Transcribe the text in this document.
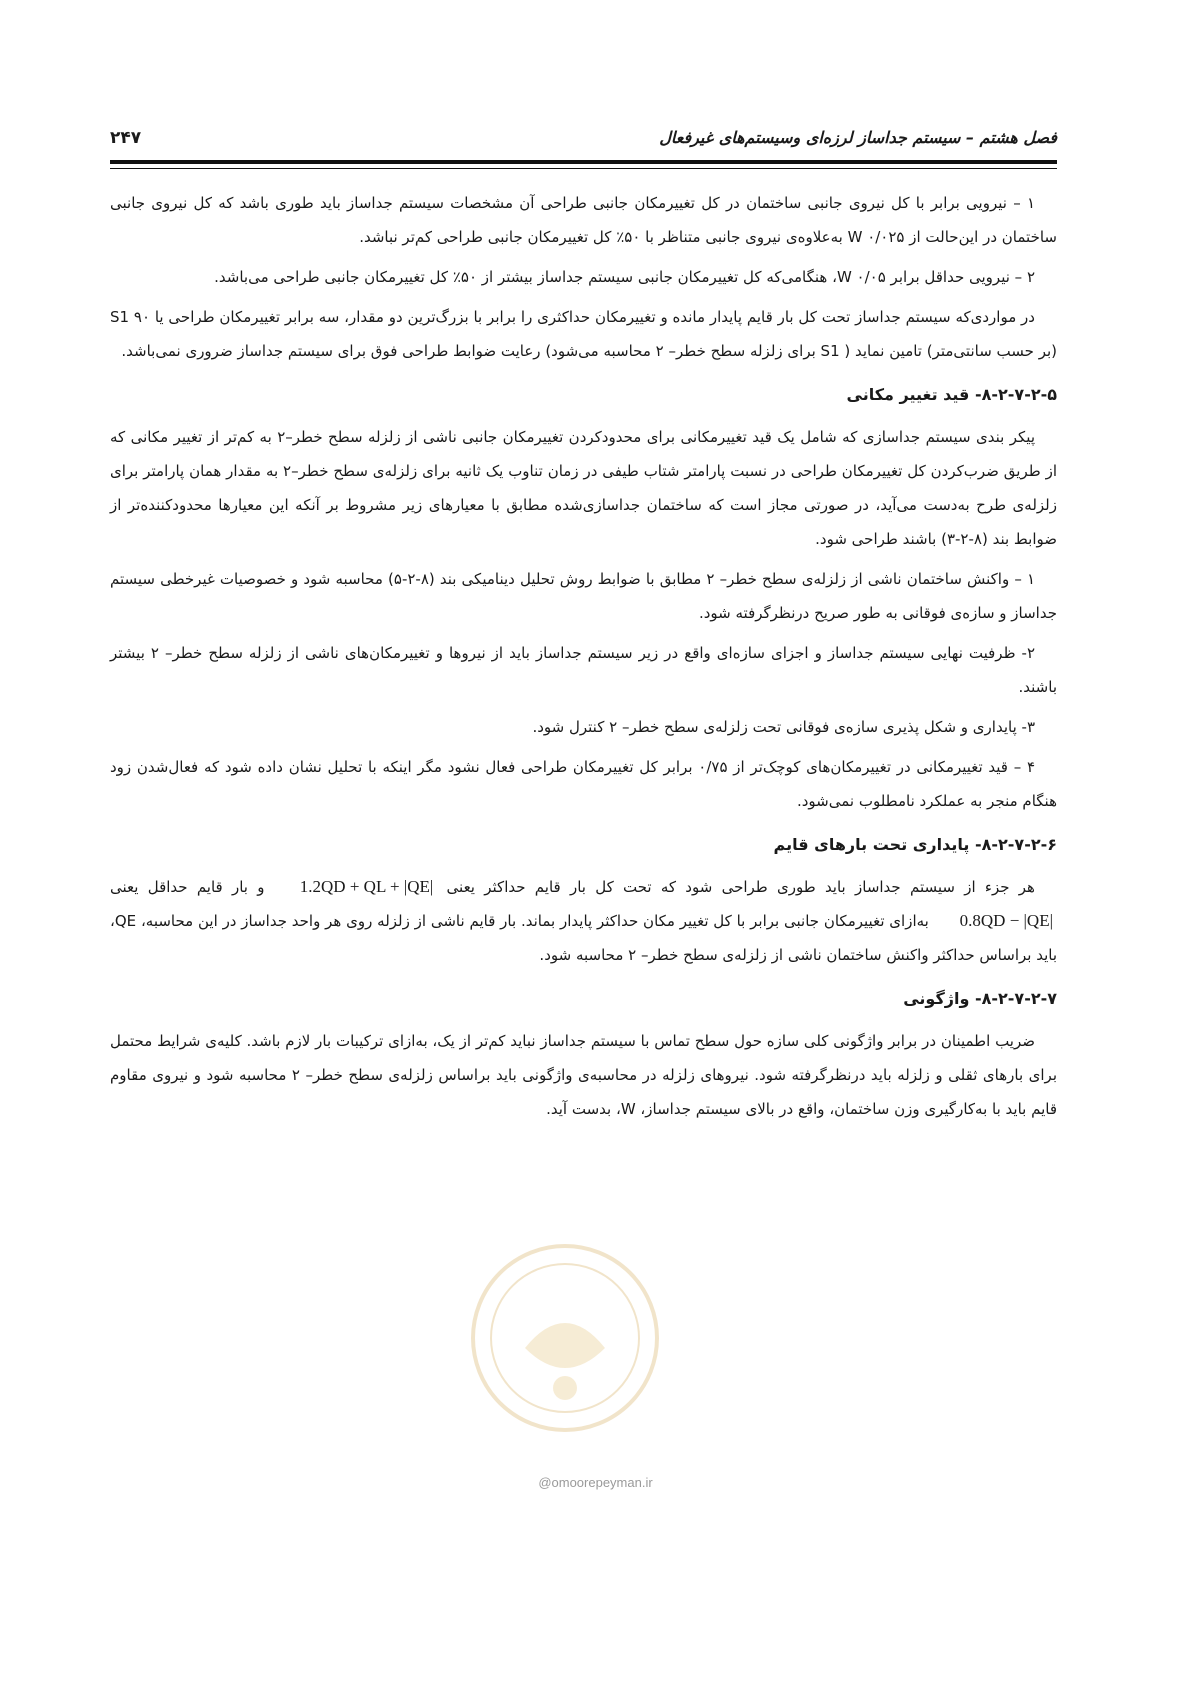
فصل هشتم – سیستم جداساز لرزه‌ای وسیستم‌های غیرفعال
۲۴۷

۱ – نیرویی برابر با کل نیروی جانبی ساختمان در کل تغییرمکان جانبی طراحی آن مشخصات سیستم جداساز باید طوری باشد که کل نیروی جانبی ساختمان در این‌حالت از W ۰/۰۲۵ به‌علاوه‌ی نیروی جانبی متناظر با ۵۰٪ کل تغییرمکان جانبی طراحی کم‌تر نباشد.

۲ – نیرویی حداقل برابر W ۰/۰۵، هنگامی‌که کل تغییرمکان جانبی سیستم جداساز بیشتر از ۵۰٪ کل تغییرمکان جانبی طراحی می‌باشد.

در مواردی‌که سیستم جداساز تحت کل بار قایم پایدار مانده و تغییرمکان حداکثری را برابر با بزرگ‌ترین دو مقدار، سه برابر تغییرمکان طراحی یا ۹۰ S1 (بر حسب سانتی‌متر) تامین نماید ( S1 برای زلزله سطح خطر– ۲ محاسبه می‌شود) رعایت ضوابط طراحی فوق برای سیستم جداساز ضروری نمی‌باشد.

۸-۲-۷-۲-۵- قید تغییر مکانی

پیکر بندی سیستم جداسازی که شامل یک قید تغییرمکانی برای محدودکردن تغییرمکان جانبی ناشی از زلزله سطح خطر–۲ به کم‌تر از تغییر مکانی که از طریق ضرب‌کردن کل تغییرمکان طراحی در نسبت پارامتر شتاب طیفی در زمان تناوب یک ثانیه برای زلزله‌ی سطح خطر–۲ به مقدار همان پارامتر برای زلزله‌ی طرح به‌دست می‌آید، در صورتی مجاز است که ساختمان جداسازی‌شده مطابق با معیارهای زیر مشروط بر آنکه این معیارها محدودکننده‌تر از ضوابط بند (۸-۲-۳) باشند طراحی شود.

۱ – واکنش ساختمان ناشی از زلزله‌ی سطح خطر– ۲ مطابق با ضوابط روش تحلیل دینامیکی بند (۸-۲-۵) محاسبه شود و خصوصیات غیرخطی سیستم جداساز و سازه‌ی فوقانی به طور صریح درنظرگرفته شود.

۲- ظرفیت نهایی سیستم جداساز و اجزای سازه‌ای واقع در زیر سیستم جداساز باید از نیروها و تغییرمکان‌های ناشی از زلزله سطح خطر– ۲ بیشتر باشند.

۳- پایداری و شکل پذیری سازه‌ی فوقانی تحت زلزله‌ی سطح خطر– ۲ کنترل شود.

۴ – قید تغییرمکانی در تغییرمکان‌های کوچک‌تر از ۰/۷۵ برابر کل تغییرمکان طراحی فعال نشود مگر اینکه با تحلیل نشان داده شود که فعال‌شدن زود هنگام منجر به عملکرد نامطلوب نمی‌شود.

۸-۲-۷-۲-۶- پایداری تحت بارهای قایم

هر جزء از سیستم جداساز باید طوری طراحی شود که تحت کل بار قایم حداکثر یعنی 1.2QD + QL + |QE| و بار قایم حداقل یعنی 0.8QD − |QE| به‌ازای تغییرمکان جانبی برابر با کل تغییر مکان حداکثر پایدار بماند. بار قایم ناشی از زلزله روی هر واحد جداساز در این محاسبه، QE، باید براساس حداکثر واکنش ساختمان ناشی از زلزله‌ی سطح خطر– ۲ محاسبه شود.

۸-۲-۷-۲-۷- واژگونی

ضریب اطمینان در برابر واژگونی کلی سازه حول سطح تماس با سیستم جداساز نباید کم‌تر از یک، به‌ازای ترکیبات بار لازم باشد. کلیه‌ی شرایط محتمل برای بارهای ثقلی و زلزله باید درنظرگرفته شود. نیروهای زلزله در محاسبه‌ی واژگونی باید براساس زلزله‌ی سطح خطر– ۲ محاسبه شود و نیروی مقاوم قایم باید با به‌کارگیری وزن ساختمان، واقع در بالای سیستم جداساز، W، بدست آید.

@omoorepeyman.ir
